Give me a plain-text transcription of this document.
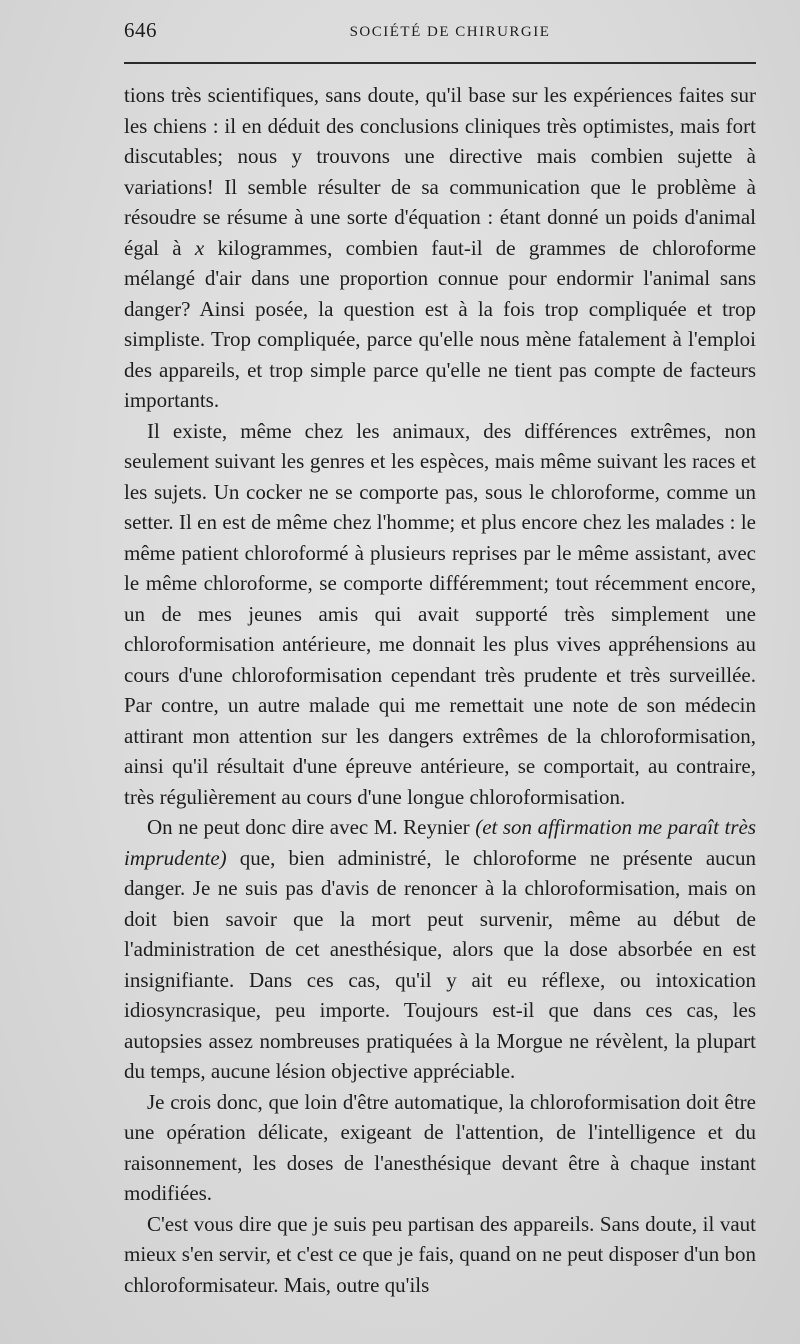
646	SOCIÉTÉ DE CHIRURGIE

tions très scientifiques, sans doute, qu'il base sur les expériences faites sur les chiens : il en déduit des conclusions cliniques très optimistes, mais fort discutables; nous y trouvons une directive mais combien sujette à variations! Il semble résulter de sa communication que le problème à résoudre se résume à une sorte d'équation : étant donné un poids d'animal égal à x kilogrammes, combien faut-il de grammes de chloroforme mélangé d'air dans une proportion connue pour endormir l'animal sans danger? Ainsi posée, la question est à la fois trop compliquée et trop simpliste. Trop compliquée, parce qu'elle nous mène fatalement à l'emploi des appareils, et trop simple parce qu'elle ne tient pas compte de facteurs importants.

Il existe, même chez les animaux, des différences extrêmes, non seulement suivant les genres et les espèces, mais même suivant les races et les sujets. Un cocker ne se comporte pas, sous le chloroforme, comme un setter. Il en est de même chez l'homme; et plus encore chez les malades : le même patient chloroformé à plusieurs reprises par le même assistant, avec le même chloroforme, se comporte différemment; tout récemment encore, un de mes jeunes amis qui avait supporté très simplement une chloroformisation antérieure, me donnait les plus vives appréhensions au cours d'une chloroformisation cependant très prudente et très surveillée. Par contre, un autre malade qui me remettait une note de son médecin attirant mon attention sur les dangers extrêmes de la chloroformisation, ainsi qu'il résultait d'une épreuve antérieure, se comportait, au contraire, très régulièrement au cours d'une longue chloroformisation.

On ne peut donc dire avec M. Reynier (et son affirmation me paraît très imprudente) que, bien administré, le chloroforme ne présente aucun danger. Je ne suis pas d'avis de renoncer à la chloroformisation, mais on doit bien savoir que la mort peut survenir, même au début de l'administration de cet anesthésique, alors que la dose absorbée en est insignifiante. Dans ces cas, qu'il y ait eu réflexe, ou intoxication idiosyncrasique, peu importe. Toujours est-il que dans ces cas, les autopsies assez nombreuses pratiquées à la Morgue ne révèlent, la plupart du temps, aucune lésion objective appréciable.

Je crois donc, que loin d'être automatique, la chloroformisation doit être une opération délicate, exigeant de l'attention, de l'intelligence et du raisonnement, les doses de l'anesthésique devant être à chaque instant modifiées.

C'est vous dire que je suis peu partisan des appareils. Sans doute, il vaut mieux s'en servir, et c'est ce que je fais, quand on ne peut disposer d'un bon chloroformisateur. Mais, outre qu'ils
